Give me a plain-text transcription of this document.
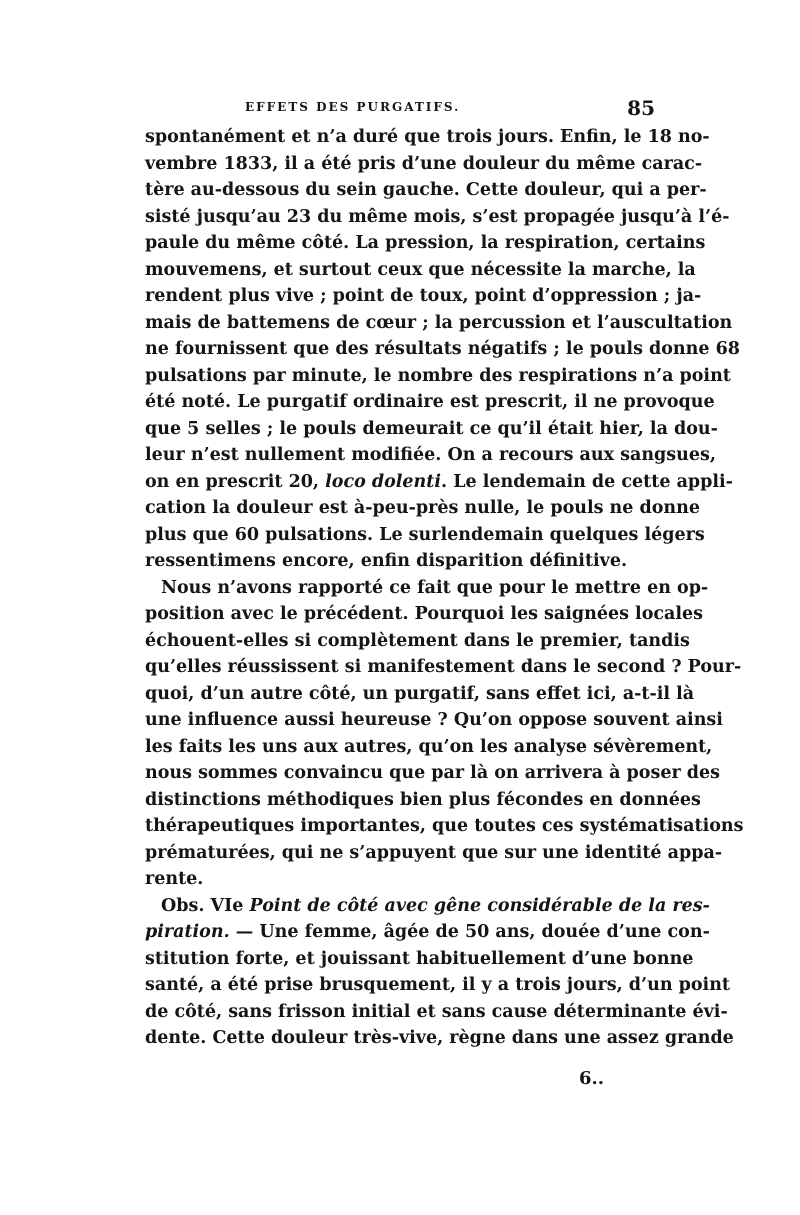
EFFETS DES PURGATIFS.	85
spontanément et n’a duré que trois jours. Enfin, le 18 no-
vembre 1833, il a été pris d’une douleur du même carac-
tère au-dessous du sein gauche. Cette douleur, qui a per-
sisté jusqu’au 23 du même mois, s’est propagée jusqu’à l’é-
paule du même côté. La pression, la respiration, certains
mouvemens, et surtout ceux que nécessite la marche, la
rendent plus vive ; point de toux, point d’oppression ; ja-
mais de battemens de cœur ; la percussion et l’auscultation
ne fournissent que des résultats négatifs ; le pouls donne 68
pulsations par minute, le nombre des respirations n’a point
été noté. Le purgatif ordinaire est prescrit, il ne provoque
que 5 selles ; le pouls demeurait ce qu’il était hier, la dou-
leur n’est nullement modifiée. On a recours aux sangsues,
on en prescrit 20, loco dolenti. Le lendemain de cette appli-
cation la douleur est à-peu-près nulle, le pouls ne donne
plus que 60 pulsations. Le surlendemain quelques légers
ressentimens encore, enfin disparition définitive.
Nous n’avons rapporté ce fait que pour le mettre en op-
position avec le précédent. Pourquoi les saignées locales
échouent-elles si complètement dans le premier, tandis
qu’elles réussissent si manifestement dans le second ? Pour-
quoi, d’un autre côté, un purgatif, sans effet ici, a-t-il là
une influence aussi heureuse ? Qu’on oppose souvent ainsi
les faits les uns aux autres, qu’on les analyse sévèrement,
nous sommes convaincu que par là on arrivera à poser des
distinctions méthodiques bien plus fécondes en données
thérapeutiques importantes, que toutes ces systématisations
prématurées, qui ne s’appuyent que sur une identité appa-
rente.
Obs. VIe Point de côté avec gêne considérable de la res-
piration. — Une femme, âgée de 50 ans, douée d’une con-
stitution forte, et jouissant habituellement d’une bonne
santé, a été prise brusquement, il y a trois jours, d’un point
de côté, sans frisson initial et sans cause déterminante évi-
dente. Cette douleur très-vive, règne dans une assez grande
6..
